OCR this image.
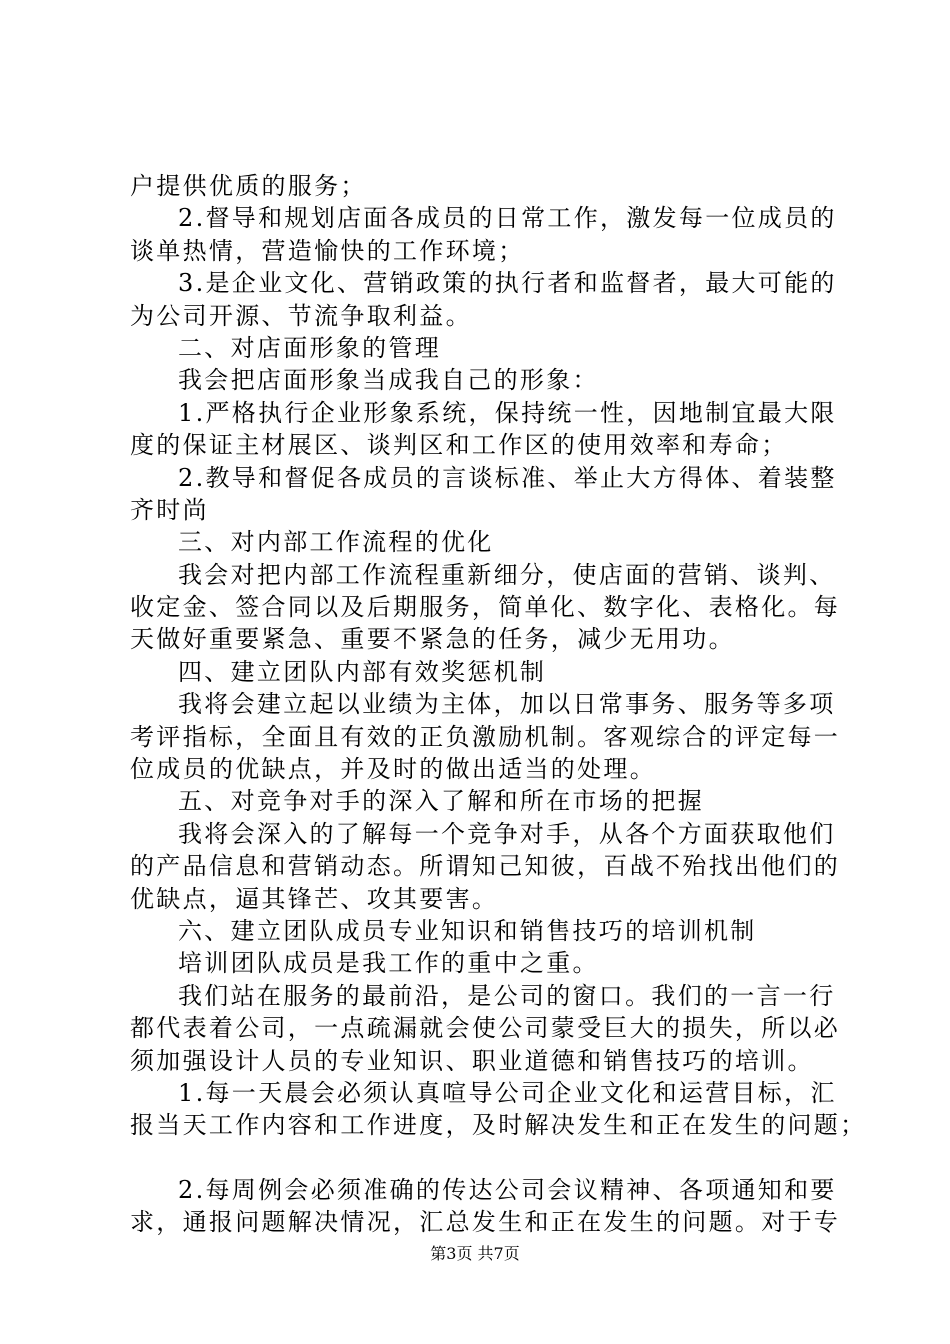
户提供优质的服务；
2.督导和规划店面各成员的日常工作，激发每一位成员的
谈单热情，营造愉快的工作环境；
3.是企业文化、营销政策的执行者和监督者，最大可能的
为公司开源、节流争取利益。
二、对店面形象的管理
我会把店面形象当成我自己的形象：
1.严格执行企业形象系统，保持统一性，因地制宜最大限
度的保证主材展区、谈判区和工作区的使用效率和寿命；
2.教导和督促各成员的言谈标准、举止大方得体、着装整
齐时尚
三、对内部工作流程的优化
我会对把内部工作流程重新细分，使店面的营销、谈判、
收定金、签合同以及后期服务，简单化、数字化、表格化。每
天做好重要紧急、重要不紧急的任务，减少无用功。
四、建立团队内部有效奖惩机制
我将会建立起以业绩为主体，加以日常事务、服务等多项
考评指标，全面且有效的正负激励机制。客观综合的评定每一
位成员的优缺点，并及时的做出适当的处理。
五、对竞争对手的深入了解和所在市场的把握
我将会深入的了解每一个竞争对手，从各个方面获取他们
的产品信息和营销动态。所谓知己知彼，百战不殆找出他们的
优缺点，逼其锋芒、攻其要害。
六、建立团队成员专业知识和销售技巧的培训机制
培训团队成员是我工作的重中之重。
我们站在服务的最前沿，是公司的窗口。我们的一言一行
都代表着公司，一点疏漏就会使公司蒙受巨大的损失，所以必
须加强设计人员的专业知识、职业道德和销售技巧的培训。
1.每一天晨会必须认真喧导公司企业文化和运营目标，汇
报当天工作内容和工作进度，及时解决发生和正在发生的问题；
2.每周例会必须准确的传达公司会议精神、各项通知和要
求，通报问题解决情况，汇总发生和正在发生的问题。对于专
第3页 共7页
